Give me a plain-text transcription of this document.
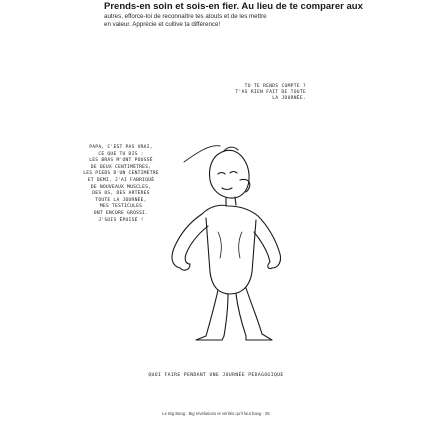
Prends-en soin et sois-en fier. Au lieu de te comparer aux
autres, efforce-toi de reconnaître tes atouts et de les mettre
en valeur. Apprécie et cultive ta différence!
TU TE RENDS COMPTE ?
T'AS RIEN FAIT DE TOUTE
LA JOURNÉE.
PAPA, C'EST PAS VRAI,
CE QUE TU DIS :
LES BRAS M'ONT POUSSÉ
DE DEUX CENTIMÈTRES,
LES PIEDS D'UN CENTIMÈTRE
ET DEMI. J'AI FABRIQUÉ
DE NOUVEAUX MUSCLES,
DES OS, DES ARTÈRES
TOUTE LA JOURNÉE,
MES TESTICULES
ONT ENCORE GROSSI.
J'SUIS ÉPUISÉ !
QUOI FAIRE PENDANT UNE JOURNÉE PÉDAGOGIQUE
Le Big Bang : Big révélations et vérités qu'il faut bang · 35
